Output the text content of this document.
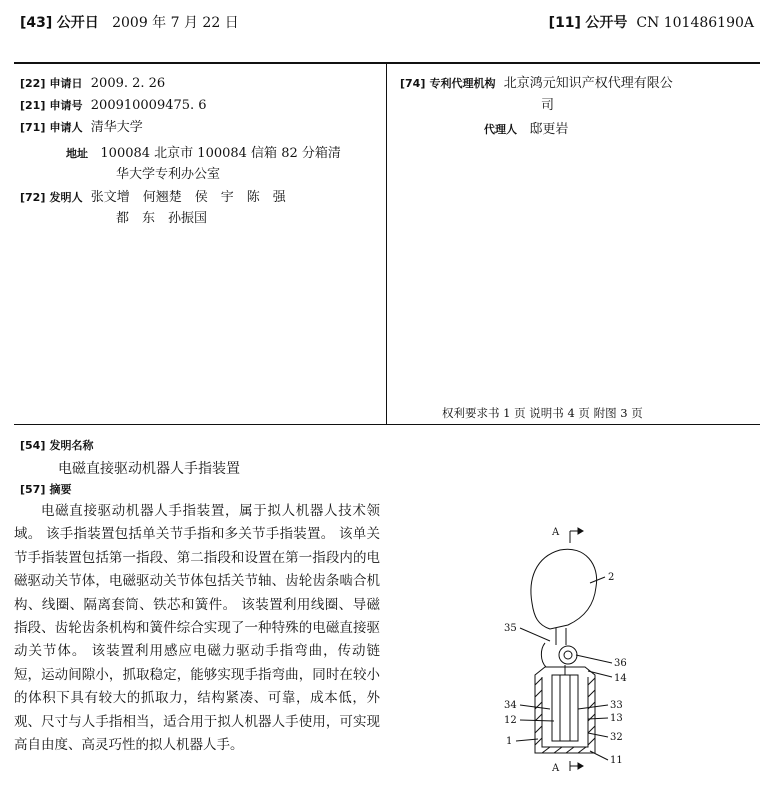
[43] 公开日 2009 年 7 月 22 日	[11] 公开号 CN 101486190A
[22] 申请日 2009. 2. 26
[21] 申请号 200910009475. 6
[71] 申请人 清华大学
地址 100084 北京市 100084 信箱 82 分箱清
华大学专利办公室
[72] 发明人 张文增　何翘楚　侯　宇　陈　强
都　东　孙振国
[74] 专利代理机构 北京鸿元知识产权代理有限公
司
代理人 邸更岩
权利要求书 1 页 说明书 4 页 附图 3 页
[54] 发明名称
电磁直接驱动机器人手指装置
[57] 摘要

电磁直接驱动机器人手指装置，属于拟人机器人技术领域。 该手指装置包括单关节手指和多关节手指装置。 该单关节手指装置包括第一指段、第二指段和设置在第一指段内的电磁驱动关节体，电磁驱动关节体包括关节轴、齿轮齿条啮合机构、线圈、隔离套筒、铁芯和簧件。 该装置利用线圈、导磁指段、齿轮齿条机构和簧件综合实现了一种特殊的电磁直接驱动关节体。 该装置利用感应电磁力驱动手指弯曲，传动链短，运动间隙小，抓取稳定，能够实现手指弯曲，同时在较小的体积下具有较大的抓取力，结构紧凑、可靠，成本低，外观、尺寸与人手指相当，适合用于拟人机器人手使用，可实现高自由度、高灵巧性的拟人机器人手。

A
A
2
35
36
14
34	33
12	13
1	32
11
